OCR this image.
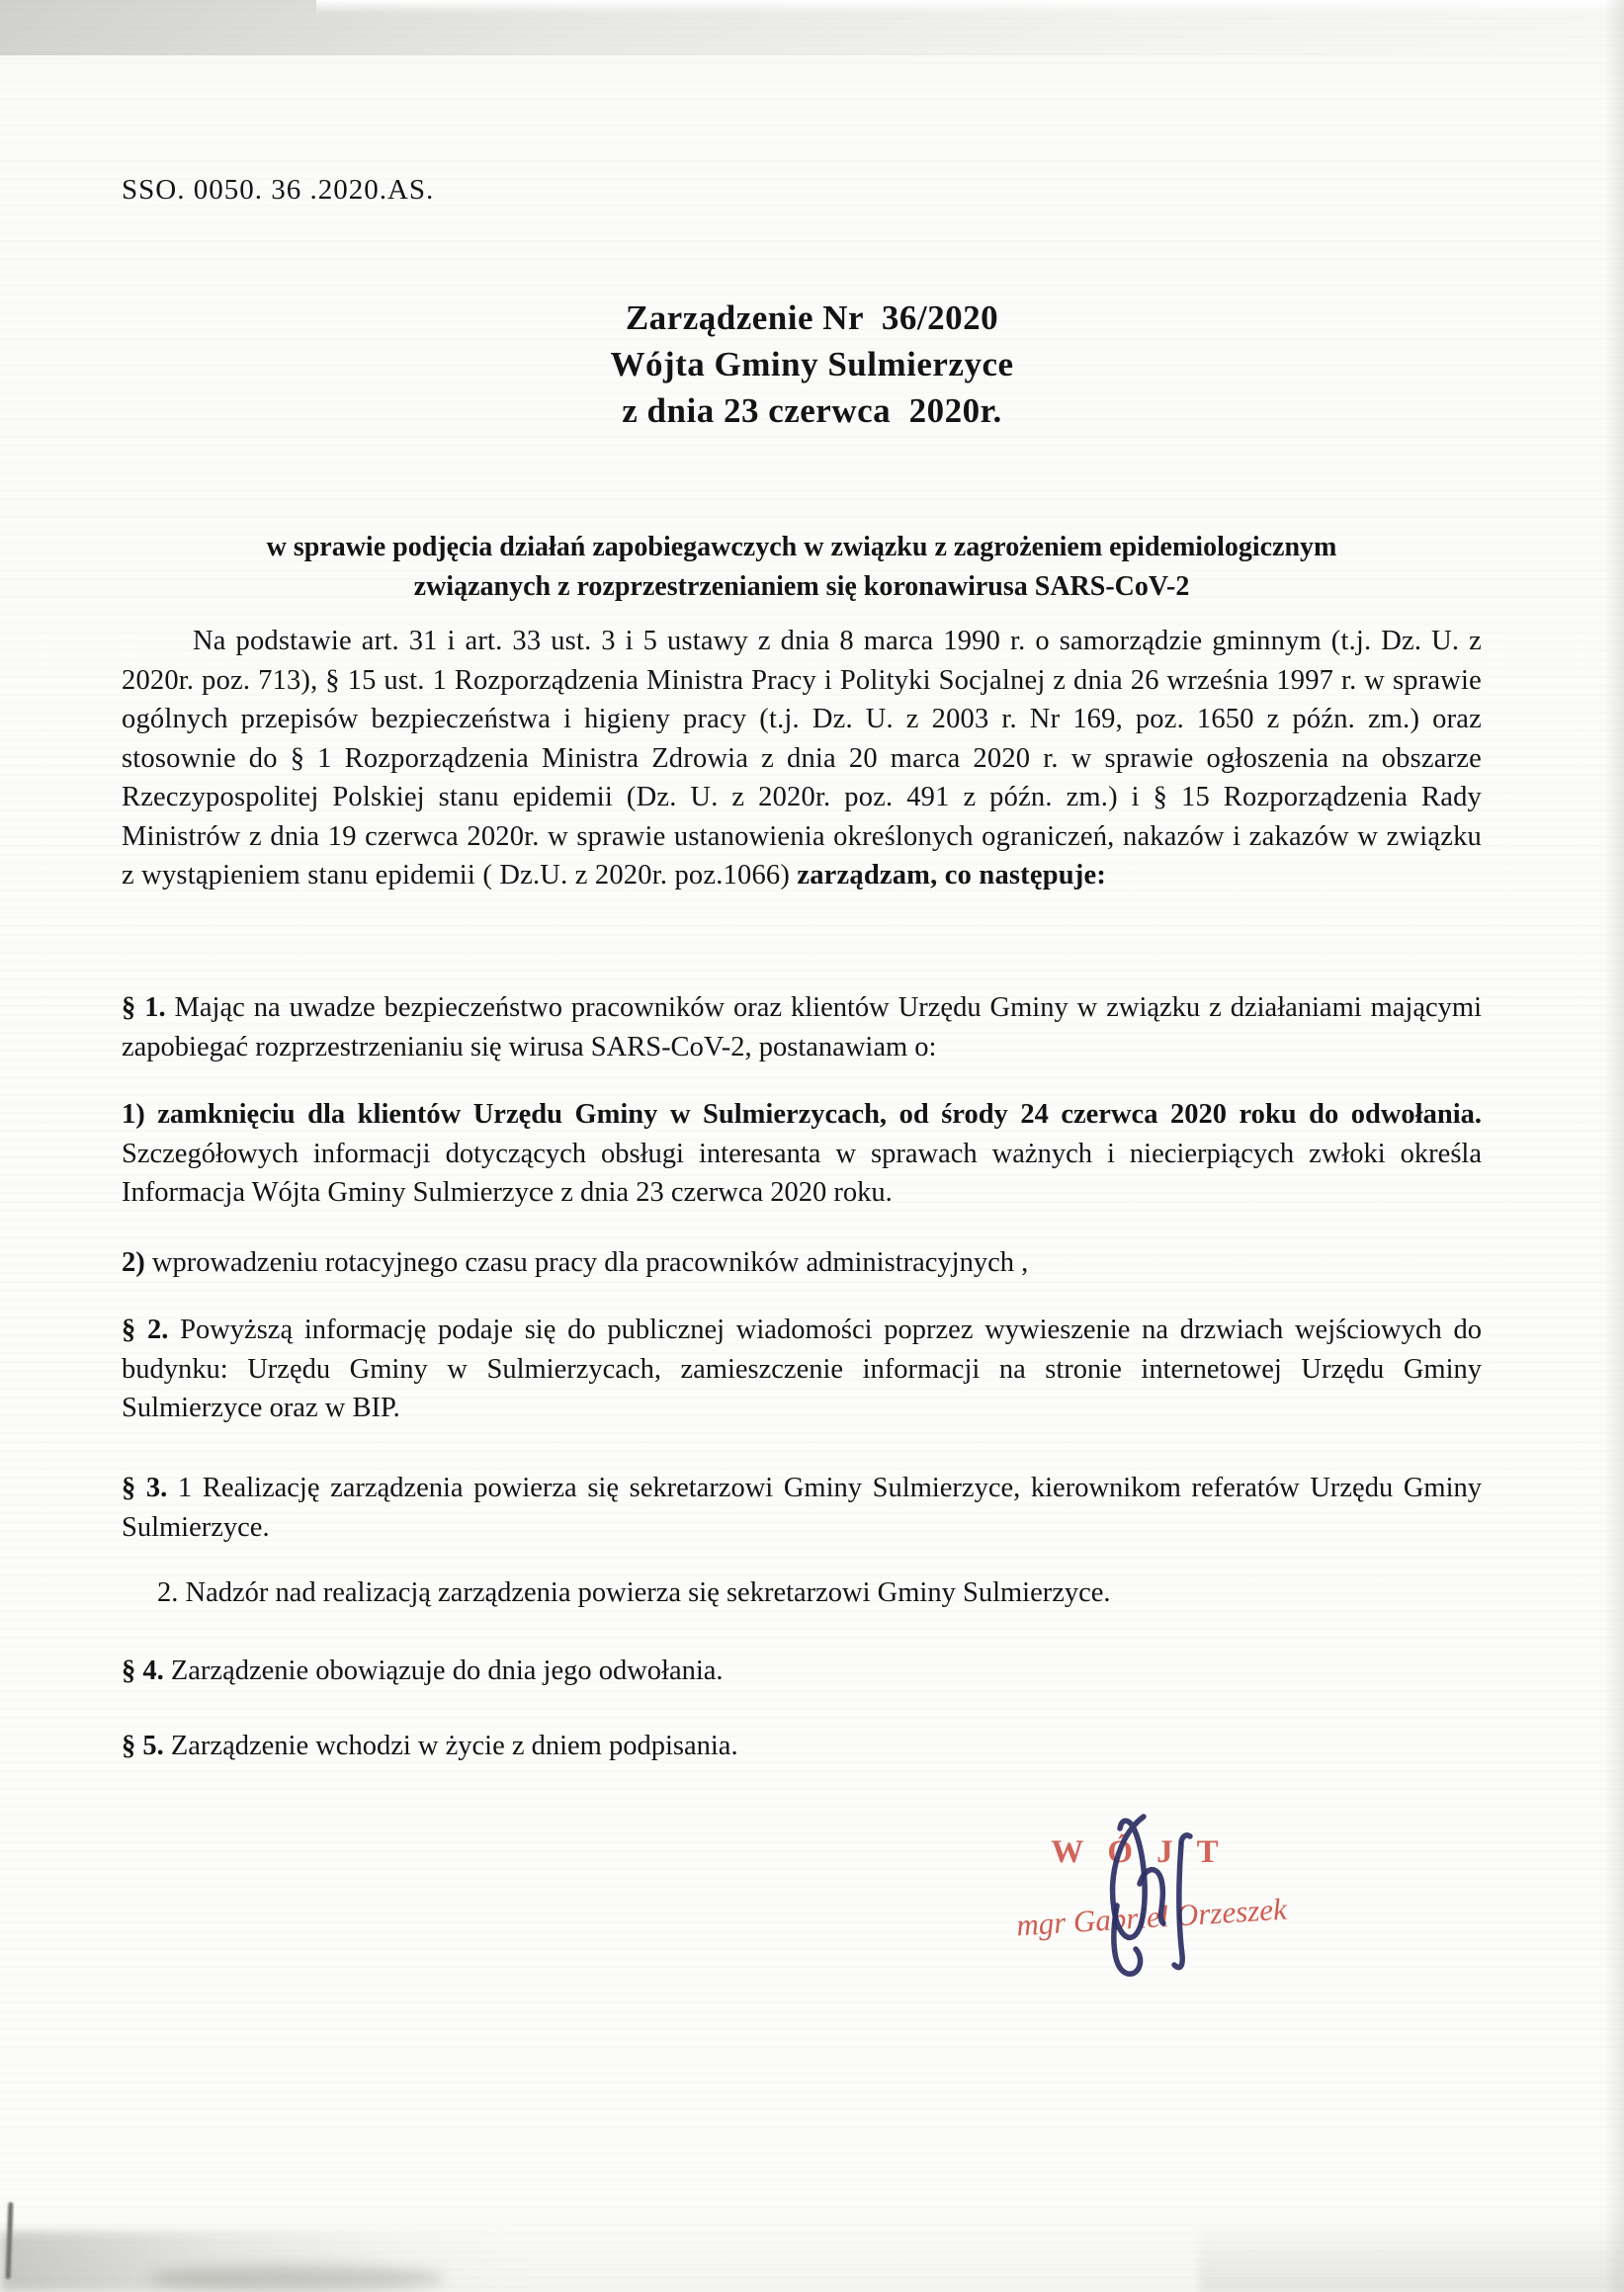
SSO. 0050. 36 .2020.AS.
Zarządzenie Nr  36/2020
Wójta Gminy Sulmierzyce
z dnia 23 czerwca  2020r.
w sprawie podjęcia działań zapobiegawczych w związku z zagrożeniem epidemiologicznym
związanych z rozprzestrzenianiem się koronawirusa SARS-CoV-2
Na podstawie art. 31 i art. 33 ust. 3 i 5 ustawy z dnia 8 marca 1990 r. o samorządzie gminnym (t.j. Dz. U. z 2020r. poz. 713), § 15 ust. 1 Rozporządzenia Ministra Pracy i Polityki Socjalnej z dnia 26 września 1997 r. w sprawie ogólnych przepisów bezpieczeństwa i higieny pracy (t.j. Dz. U. z 2003 r. Nr 169, poz. 1650 z późn. zm.) oraz stosownie do § 1 Rozporządzenia Ministra Zdrowia z dnia 20 marca 2020 r. w sprawie ogłoszenia na obszarze Rzeczypospolitej Polskiej stanu epidemii (Dz. U. z 2020r. poz. 491 z późn. zm.) i § 15 Rozporządzenia Rady Ministrów z dnia 19 czerwca 2020r. w sprawie ustanowienia określonych ograniczeń, nakazów i zakazów w związku z wystąpieniem stanu epidemii ( Dz.U. z 2020r. poz.1066) zarządzam, co następuje:
§ 1. Mając na uwadze bezpieczeństwo pracowników oraz klientów Urzędu Gminy w związku z działaniami mającymi zapobiegać rozprzestrzenianiu się wirusa SARS-CoV-2, postanawiam o:
1) zamknięciu dla klientów Urzędu Gminy w Sulmierzycach, od środy 24 czerwca 2020 roku do odwołania. Szczegółowych informacji dotyczących obsługi interesanta w sprawach ważnych i niecierpiących zwłoki określa Informacja Wójta Gminy Sulmierzyce z dnia 23 czerwca 2020 roku.
2) wprowadzeniu rotacyjnego czasu pracy dla pracowników administracyjnych ,
§ 2. Powyższą informację podaje się do publicznej wiadomości poprzez wywieszenie na drzwiach wejściowych do budynku: Urzędu Gminy w Sulmierzycach, zamieszczenie informacji na stronie internetowej Urzędu Gminy Sulmierzyce oraz w BIP.
§ 3. 1 Realizację zarządzenia powierza się sekretarzowi Gminy Sulmierzyce, kierownikom referatów Urzędu Gminy Sulmierzyce.
2. Nadzór nad realizacją zarządzenia powierza się sekretarzowi Gminy Sulmierzyce.
§ 4. Zarządzenie obowiązuje do dnia jego odwołania.
§ 5. Zarządzenie wchodzi w życie z dniem podpisania.
WÓJT
mgr Gabriel Orzeszek
